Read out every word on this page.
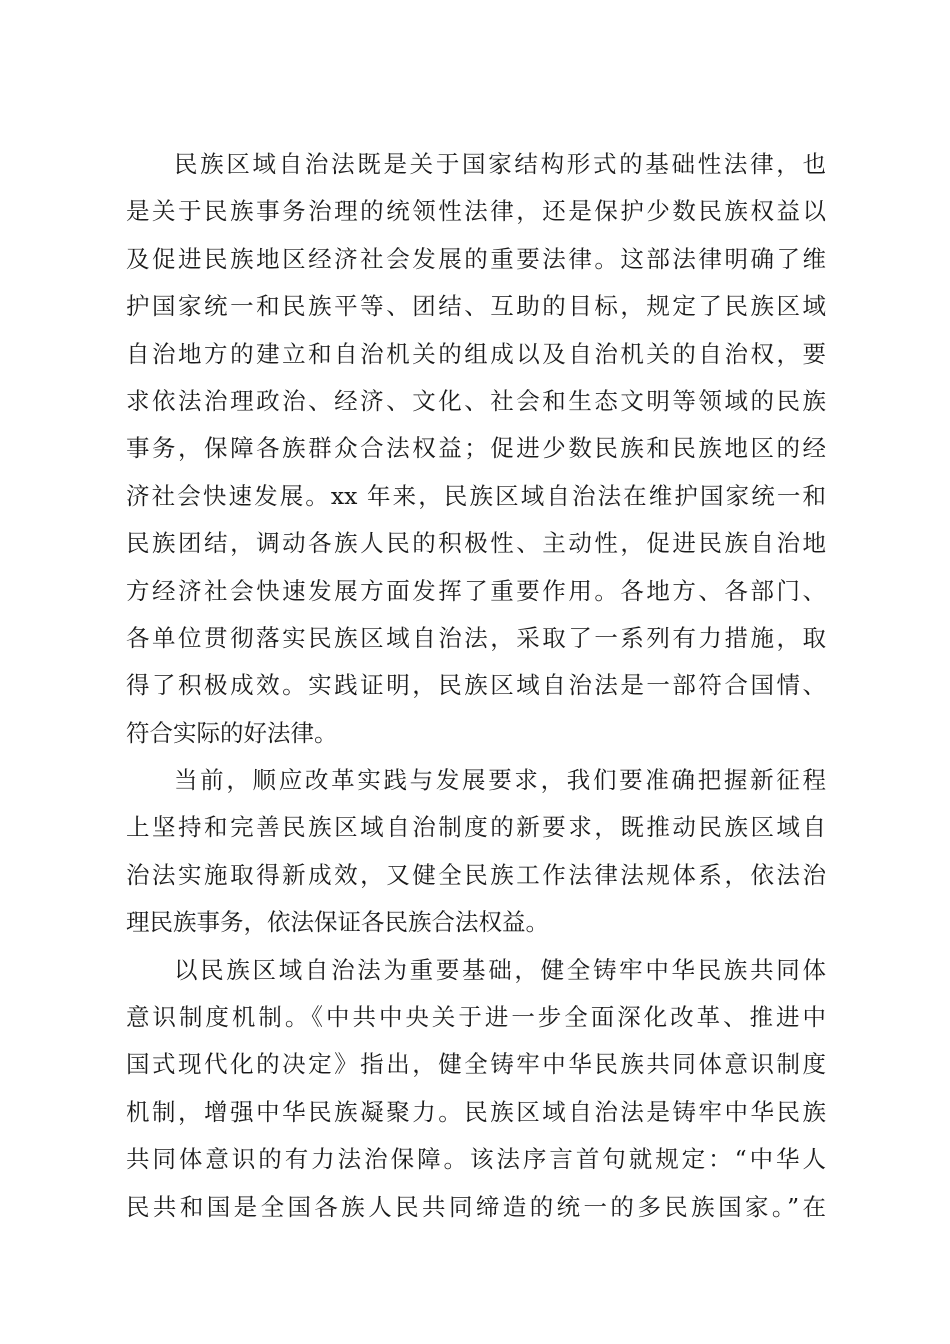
民族区域自治法既是关于国家结构形式的基础性法律，也
是关于民族事务治理的统领性法律，还是保护少数民族权益以
及促进民族地区经济社会发展的重要法律。这部法律明确了维
护国家统一和民族平等、团结、互助的目标，规定了民族区域
自治地方的建立和自治机关的组成以及自治机关的自治权，要
求依法治理政治、经济、文化、社会和生态文明等领域的民族
事务，保障各族群众合法权益；促进少数民族和民族地区的经
济社会快速发展。xx 年来，民族区域自治法在维护国家统一和
民族团结，调动各族人民的积极性、主动性，促进民族自治地
方经济社会快速发展方面发挥了重要作用。各地方、各部门、
各单位贯彻落实民族区域自治法，采取了一系列有力措施，取
得了积极成效。实践证明，民族区域自治法是一部符合国情、
符合实际的好法律。
当前，顺应改革实践与发展要求，我们要准确把握新征程
上坚持和完善民族区域自治制度的新要求，既推动民族区域自
治法实施取得新成效，又健全民族工作法律法规体系，依法治
理民族事务，依法保证各民族合法权益。
以民族区域自治法为重要基础，健全铸牢中华民族共同体
意识制度机制。《中共中央关于进一步全面深化改革、推进中
国式现代化的决定》指出，健全铸牢中华民族共同体意识制度
机制，增强中华民族凝聚力。民族区域自治法是铸牢中华民族
共同体意识的有力法治保障。该法序言首句就规定：“中华人
民共和国是全国各族人民共同缔造的统一的多民族国家。”在
